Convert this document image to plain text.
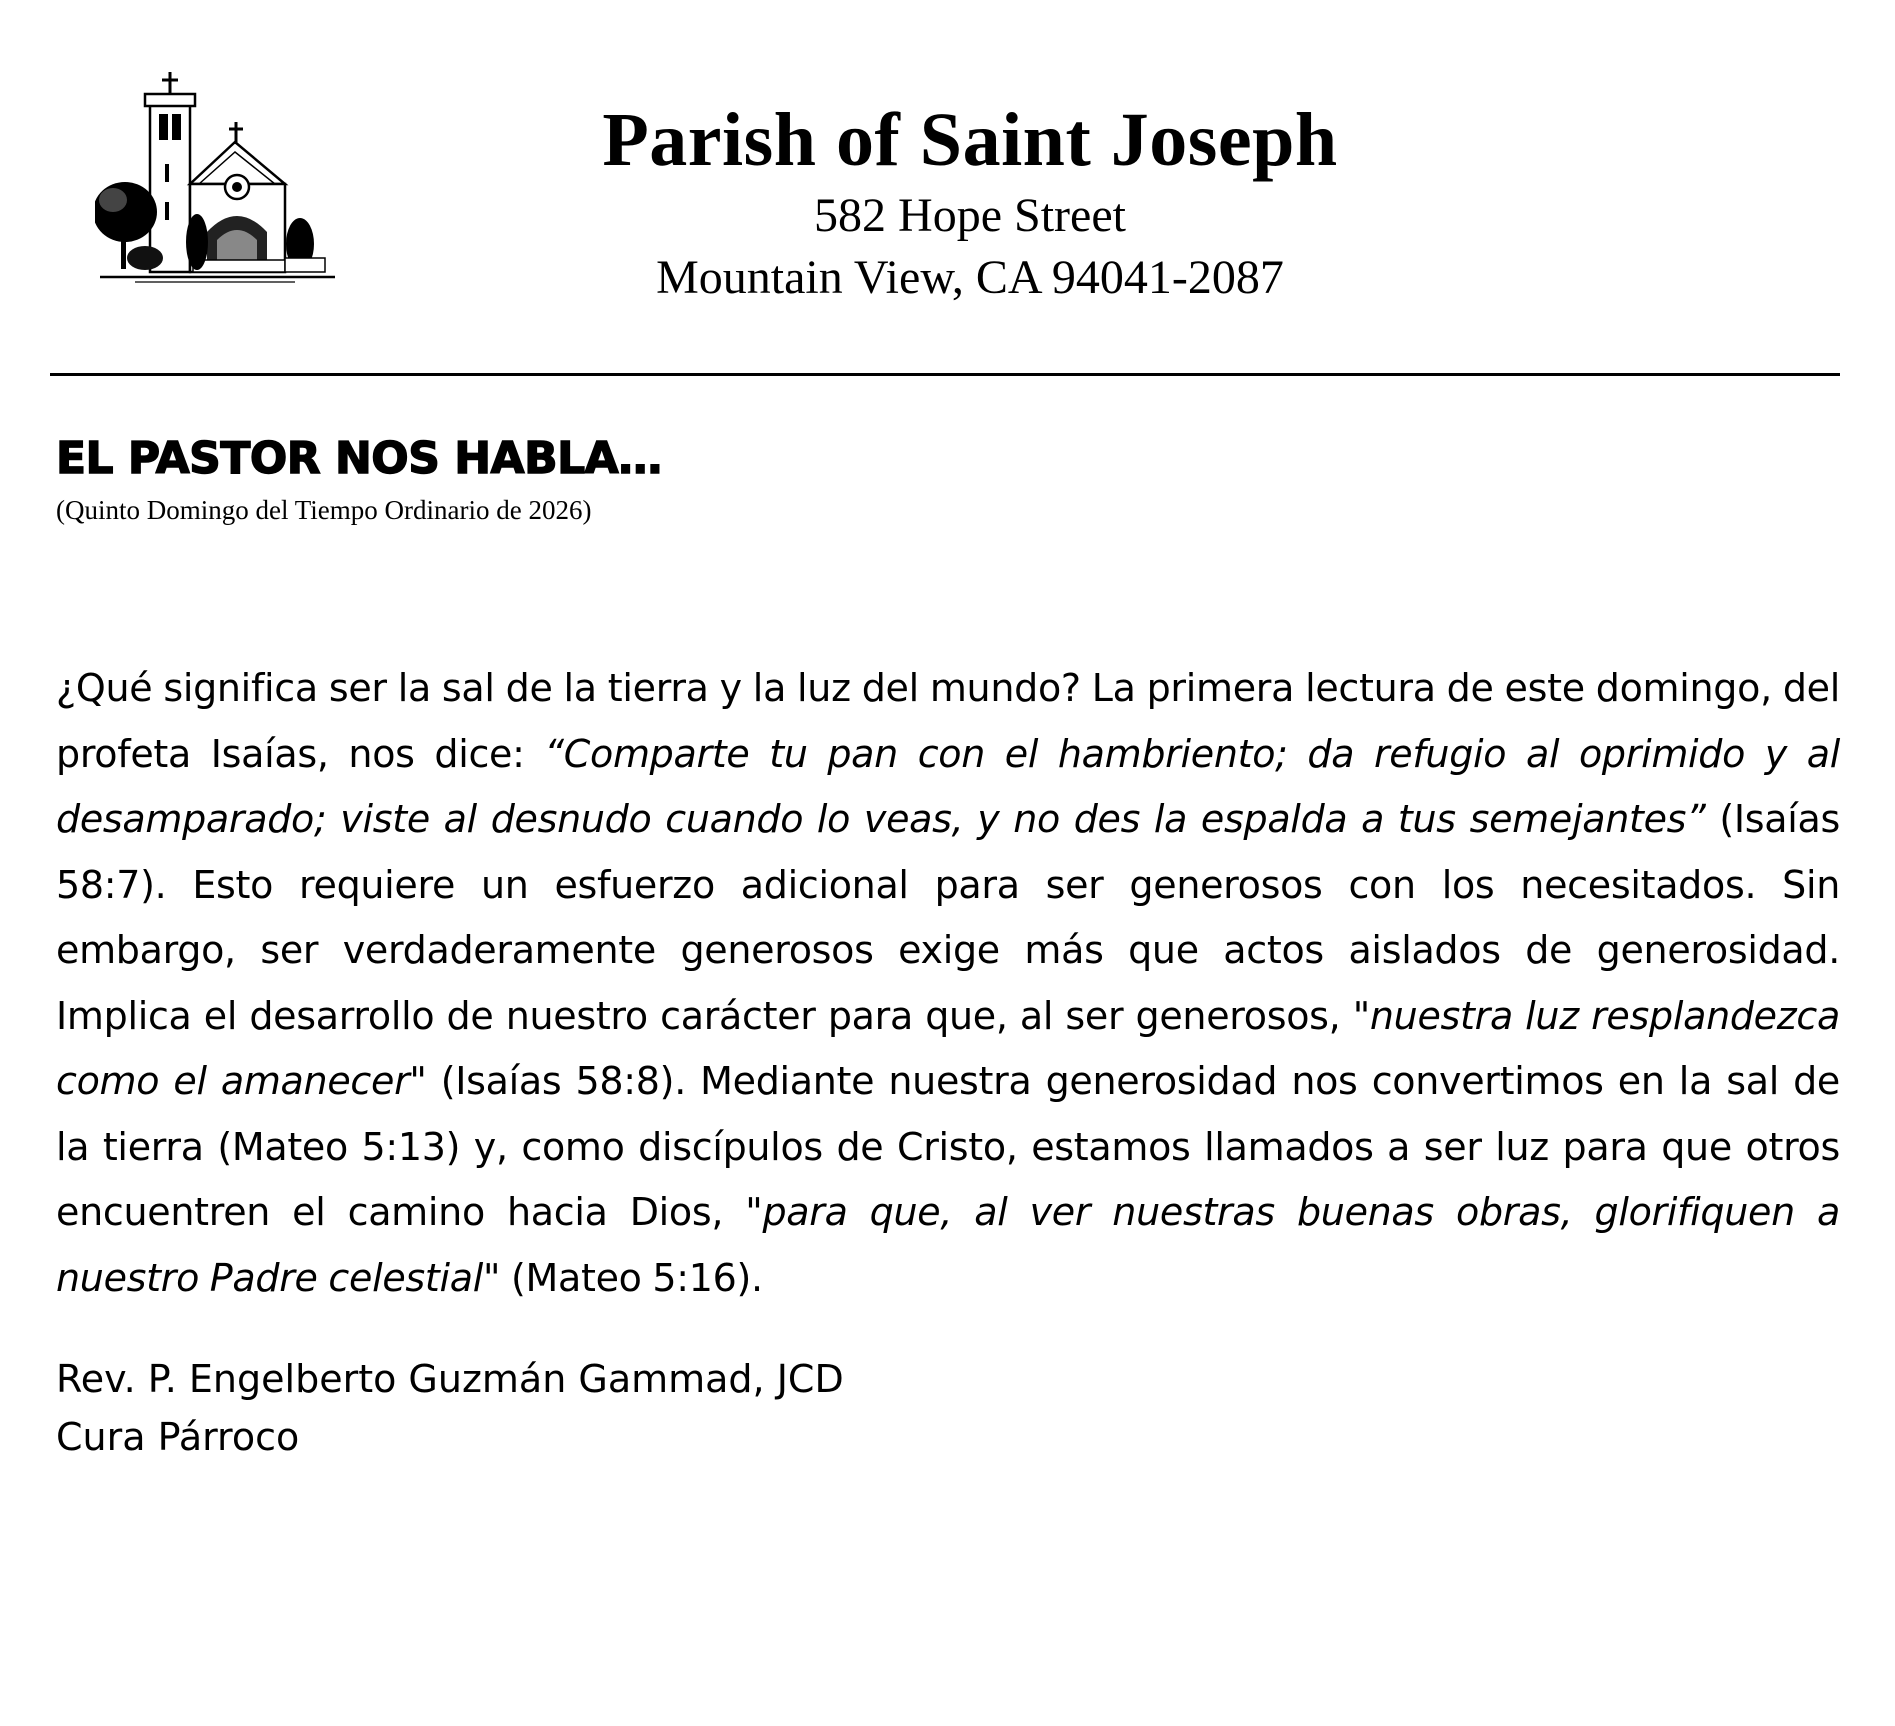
Parish of Saint Joseph

582 Hope Street

Mountain View, CA 94041-2087

EL PASTOR NOS HABLA…

(Quinto Domingo del Tiempo Ordinario de 2026)

¿Qué significa ser la sal de la tierra y la luz del mundo? La primera lectura de este domingo, del profeta Isaías, nos dice: “Comparte tu pan con el hambriento; da refugio al oprimido y al desamparado; viste al desnudo cuando lo veas, y no des la espalda a tus semejantes” (Isaías 58:7). Esto requiere un esfuerzo adicional para ser generosos con los necesitados. Sin embargo, ser verdaderamente generosos exige más que actos aislados de generosidad. Implica el desarrollo de nuestro carácter para que, al ser generosos, "nuestra luz resplandezca como el amanecer" (Isaías 58:8). Mediante nuestra generosidad nos convertimos en la sal de la tierra (Mateo 5:13) y, como discípulos de Cristo, estamos llamados a ser luz para que otros encuentren el camino hacia Dios, "para que, al ver nuestras buenas obras, glorifiquen a nuestro Padre celestial" (Mateo 5:16).

Rev. P. Engelberto Guzmán Gammad, JCD
Cura Párroco
